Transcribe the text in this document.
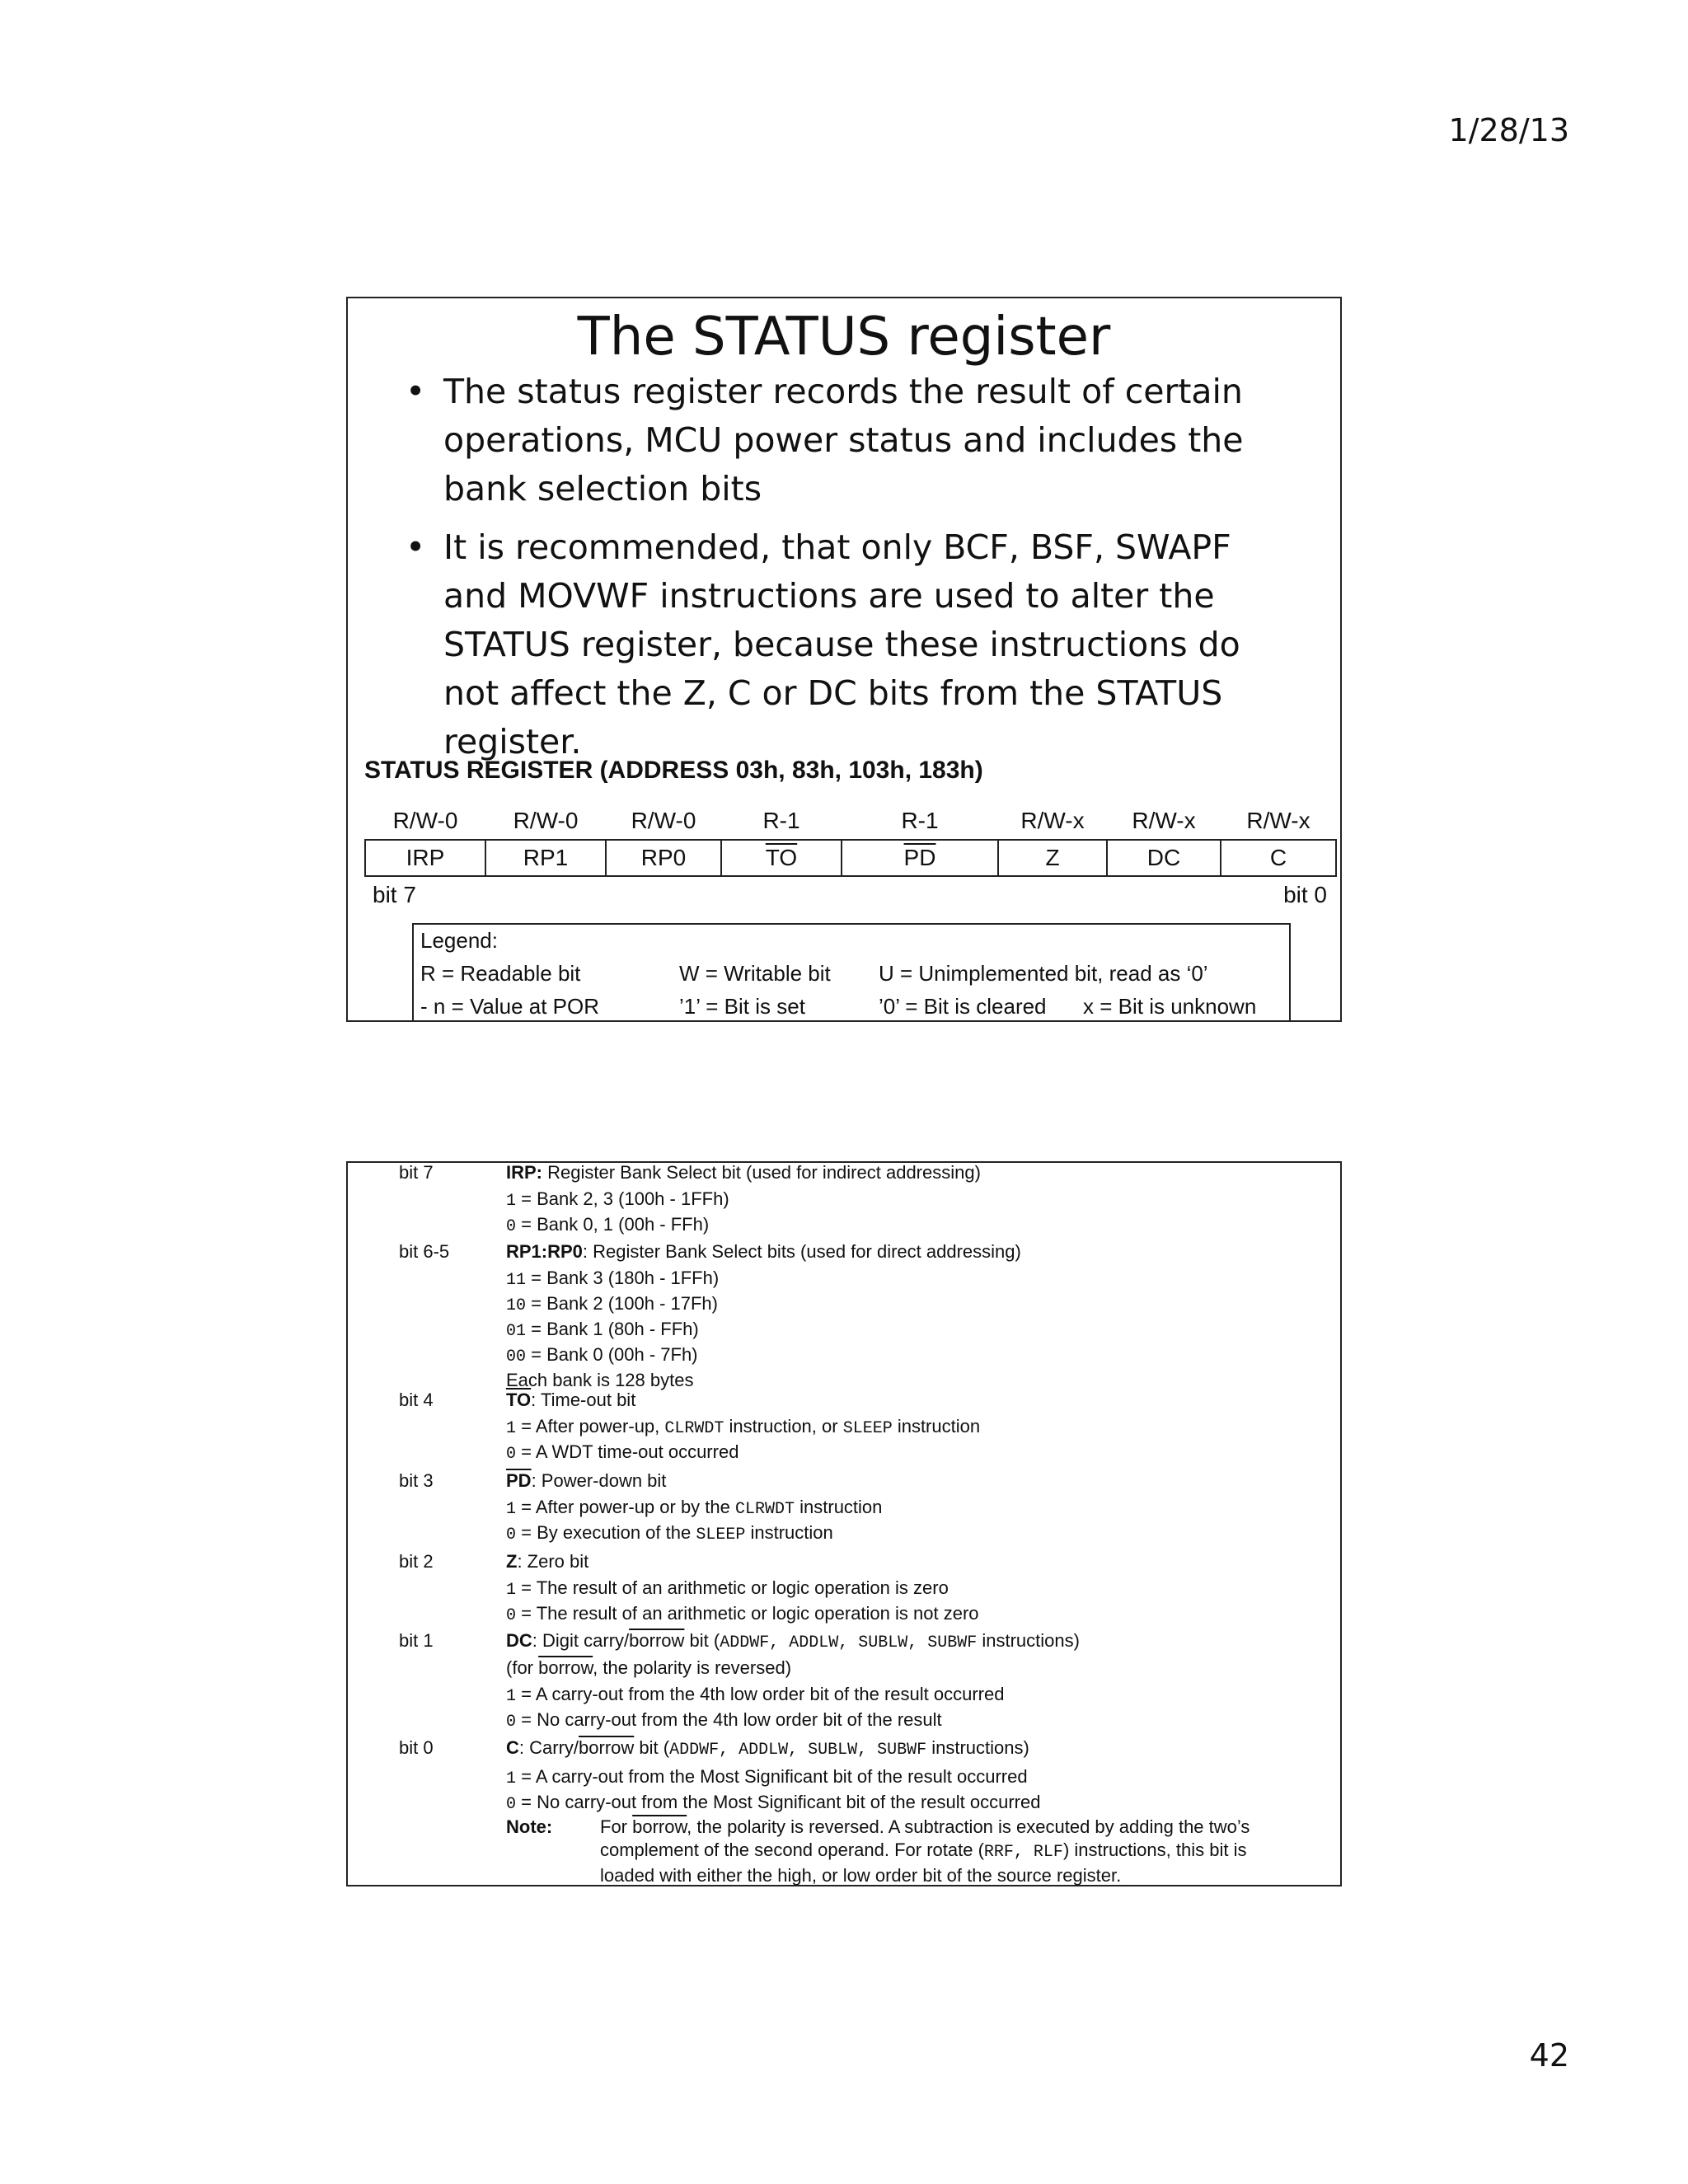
1/28/13
The STATUS register
• The status register records the result of certain operations, MCU power status and includes the bank selection bits
• It is recommended, that only BCF, BSF, SWAPF and MOVWF instructions are used to alter the STATUS register, because these instructions do not affect the Z, C or DC bits from the STATUS register.
STATUS REGISTER (ADDRESS 03h, 83h, 103h, 183h)
R/W-0	R/W-0	R/W-0	R-1	R-1	R/W-x	R/W-x	R/W-x
IRP	RP1	RP0	$\overline{TO}$	$\overline{PD}$	Z	DC	C
bit 7	bit 0
Legend:
R = Readable bit	W = Writable bit U = Unimplemented bit, read as ‘0’
- n = Value at POR	’1’ = Bit is set	’0’ = Bit is cleared x = Bit is unknown
bit 7	IRP: Register Bank Select bit (used for indirect addressing)
1 = Bank 2, 3 (100h - 1FFh)
0 = Bank 0, 1 (00h - FFh)
bit 6-5	RP1:RP0: Register Bank Select bits (used for direct addressing)
11 = Bank 3 (180h - 1FFh)
10 = Bank 2 (100h - 17Fh)
01 = Bank 1 (80h - FFh)
00 = Bank 0 (00h - 7Fh)
Each bank is 128 bytes
bit 4	$\overline{TO}$: Time-out bit
1 = After power-up, CLRWDT instruction, or SLEEP instruction
0 = A WDT time-out occurred
bit 3	$\overline{PD}$: Power-down bit
1 = After power-up or by the CLRWDT instruction
0 = By execution of the SLEEP instruction
bit 2	Z: Zero bit
1 = The result of an arithmetic or logic operation is zero
0 = The result of an arithmetic or logic operation is not zero
bit 1	DC: Digit carry/borrow bit (ADDWF, ADDLW, SUBLW, SUBWF instructions)
(for borrow, the polarity is reversed)
1 = A carry-out from the 4th low order bit of the result occurred
0 = No carry-out from the 4th low order bit of the result
bit 0	C: Carry/borrow bit (ADDWF, ADDLW, SUBLW, SUBWF instructions)
1 = A carry-out from the Most Significant bit of the result occurred
0 = No carry-out from the Most Significant bit of the result occurred
Note:	For borrow, the polarity is reversed. A subtraction is executed by adding the two’s
complement of the second operand. For rotate (RRF, RLF) instructions, this bit is
loaded with either the high, or low order bit of the source register.
42
